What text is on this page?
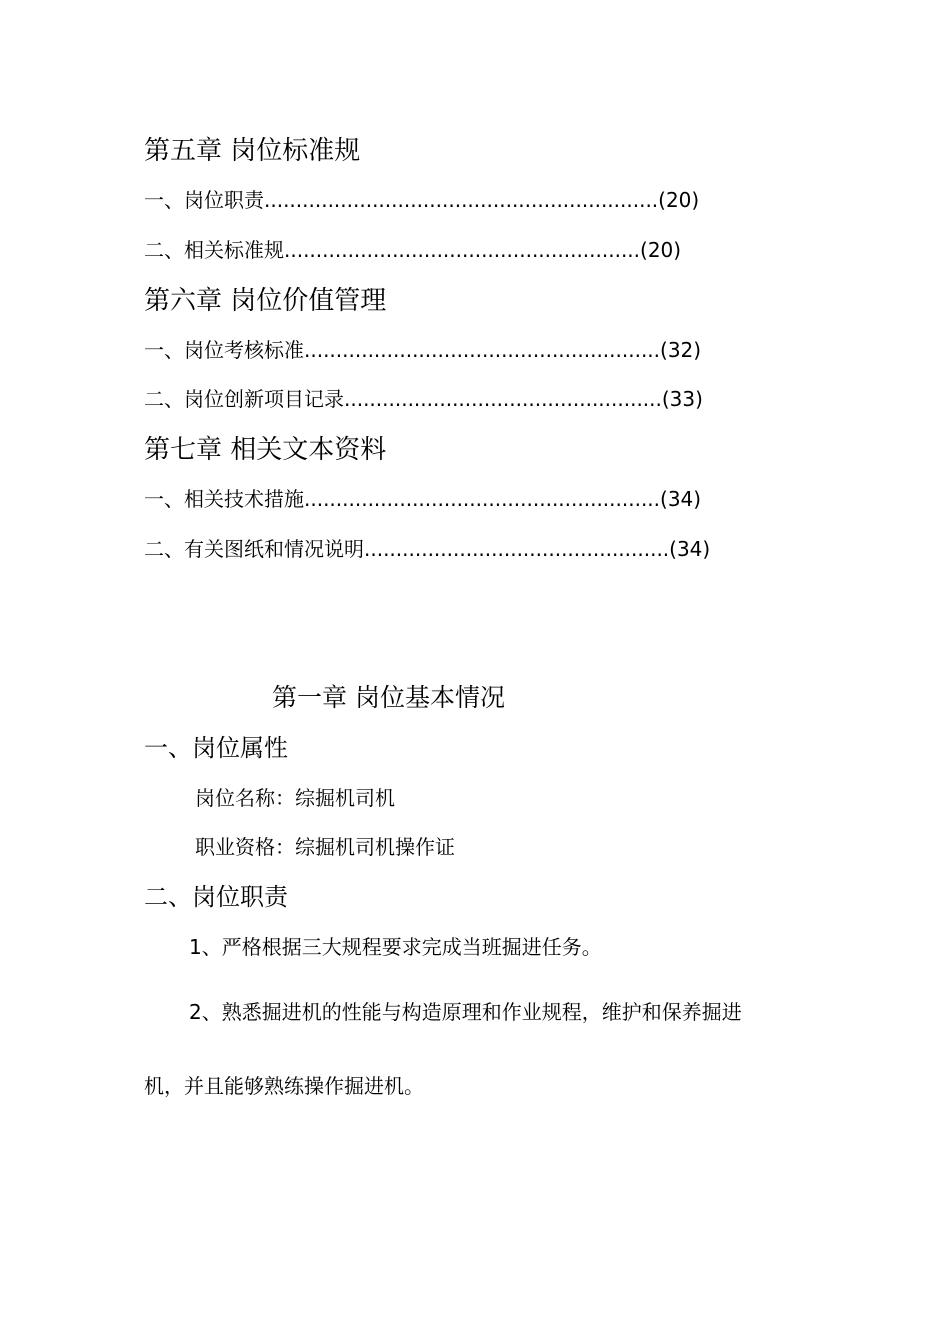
第五章 岗位标准规
一、岗位职责..............................................................(20)
二、相关标准规........................................................(20)
第六章 岗位价值管理
一、岗位考核标准........................................................(32)
二、岗位创新项目记录..................................................(33)
第七章 相关文本资料
一、相关技术措施........................................................(34)
二、有关图纸和情况说明................................................(34)
第一章 岗位基本情况
一、岗位属性
岗位名称：综掘机司机
职业资格：综掘机司机操作证
二、岗位职责
1、严格根据三大规程要求完成当班掘进任务。
2、熟悉掘进机的性能与构造原理和作业规程，维护和保养掘进
机，并且能够熟练操作掘进机。
